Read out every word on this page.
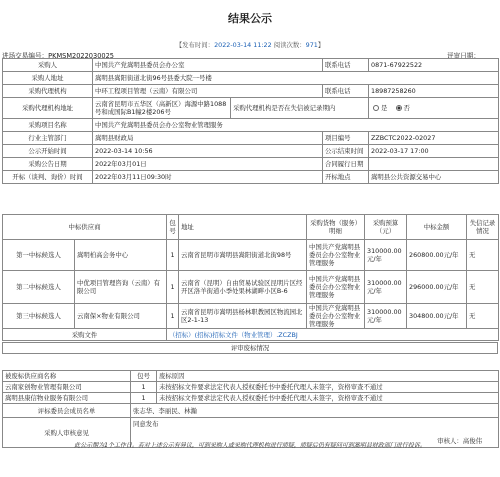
结果公示
【发布时间：2022-03-14 11:22 阅读次数：971】
进场交易编号：PKMSM2022030025	评审日期：
采购人	中国共产党嵩明县委员会办公室		联系电话	0871-67922522
采购人地址	嵩明县嵩阳街道北街96号县委大院一号楼			
采购代理机构	中环工程项目管理（云南）有限公司		联系电话	18987258260
采购代理机构地址	云南省昆明市五华区（高新区）海源中路1088号和成国际B1幢2楼206号	采购代理机构是否在失信被记录期内		是 否
采购项目名称	中国共产党嵩明县委员会办公室物业管理服务			
行业主管部门	嵩明县财政局		项目编号	ZZBCTC2022-02027
公示开始时间	2022-03-14 10:56		公示结束时间	2022-03-17 17:00
采购公告日期	2022年03月01日		合同履行日期	
开标（谈判、询价）时间	2022年03月11日09:30时		开标地点	嵩明县公共资源交易中心
中标供应商		包号	地址	采购货物（服务）明细	采购预算（元）	中标金额	失信记录情况
第一中标候选人	嵩明柏高会务中心	1	云南省昆明市嵩明县嵩阳街道北街98号	中国共产党嵩明县委员会办公室物业管理服务	310000.00元/年	260800.00元/年	无
第二中标候选人	中优项目管理咨询（云南）有限公司	1	云南省（昆明）自由贸易试验区昆明片区经开区洛羊街道小季处果林湖畔小区B-6	中国共产党嵩明县委员会办公室物业管理服务	310000.00元/年	296000.00元/年	无
第三中标候选人	云南保×物业有限公司	1	云南省昆明市嵩明县杨林职教园区物流园北区2-1-13	中国共产党嵩明县委员会办公室物业管理服务	310000.00元/年	304800.00元/年	无
采购文件		（招标）(招标)招标文件（物业管理）.ZCZBJ					
评审废标情况
被废标供应商名称	包号	废标原因
云南家创物业管理有限公司	1	未按招标文件要求法定代表人授权委托书中委托代理人未签字，资格审查不通过
嵩明县康信物业服务有限公司	1	未按招标文件要求法定代表人授权委托书中委托代理人未签字，资格审查不通过
评标委员会成员名单	张志华、李丽民、林瀚	
采购人审核意见	同意发布
审核人：高俊伟	
此公示期为1个工作日。若对上述公示有异议，可到采购人或采购代理机构进行质疑，质疑后仍有疑问可到嵩明县财政部门进行投诉。
